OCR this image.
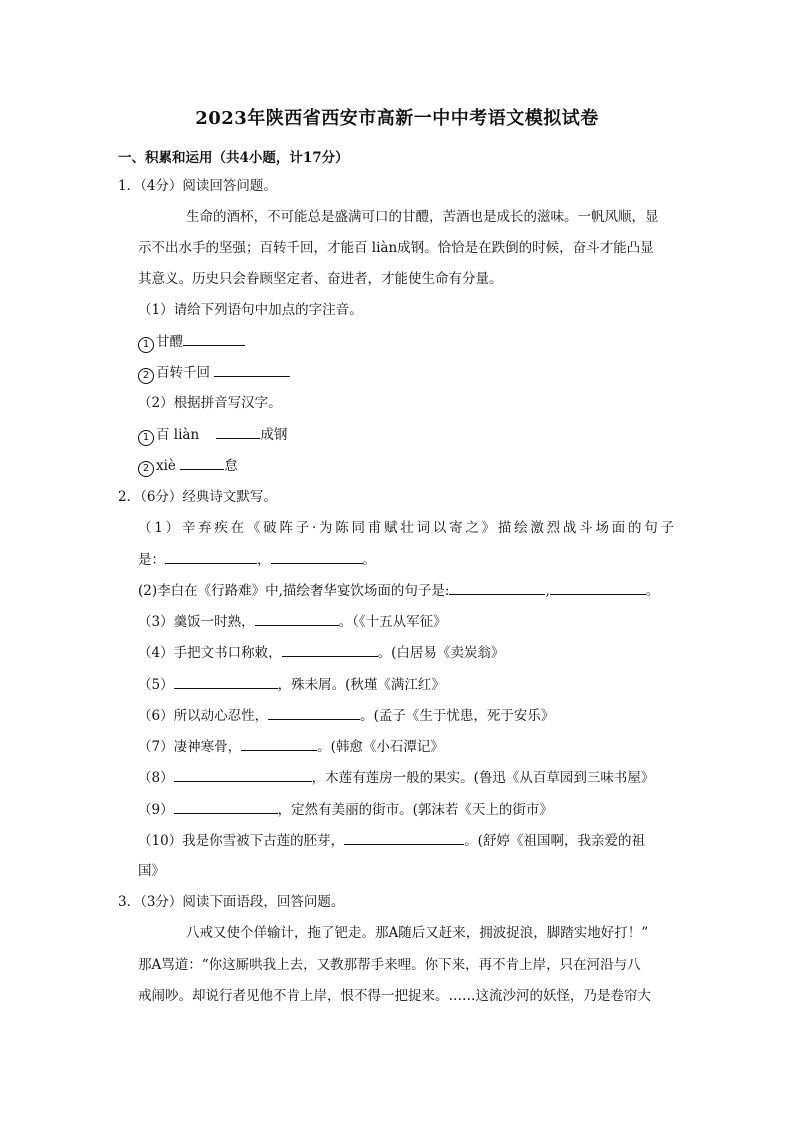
2023年陕西省西安市高新一中中考语文模拟试卷
一、积累和运用（共4小题，计17分）
1．（4分）阅读回答问题。
生命的酒杯，不可能总是盛满可口的甘醴，苦酒也是成长的滋味。一帆风顺，显
示不出水手的坚强；百转千回，才能百 liàn成钢。恰恰是在跌倒的时候，奋斗才能凸显
其意义。历史只会眷顾坚定者、奋进者，才能使生命有分量。
（1）请给下列语句中加点的字注音。
1 甘醴
2 百转千回
（2）根据拼音写汉字。
1 百 liàn	成钢
2 xiè	怠
2．（6分）经典诗文默写。
（1）辛弃疾在《破阵子·为陈同甫赋壮词以寄之》描绘激烈战斗场面的句子
是：	，	。
(2)李白在《行路难》中,描绘奢华宴饮场面的句子是:	,	。
（3）羹饭一时熟，	。（《十五从军征》
（4）手把文书口称敕，	。(白居易《卖炭翁》
（5）	，殊未屑。(秋瑾《满江红》
（6）所以动心忍性，	。(孟子《生于忧患，死于安乐》
（7）凄神寒骨，	。(韩愈《小石潭记》
（8）	，木莲有莲房一般的果实。(鲁迅《从百草园到三味书屋》
（9）	，定然有美丽的街市。(郭沫若《天上的街市》
（10）我是你雪被下古莲的胚芽，	。(舒婷《祖国啊，我亲爱的祖
国》
3．（3分）阅读下面语段，回答问题。
八戒又使个佯输计，拖了钯走。那A随后又赶来，拥波捉浪，脚踏实地好打！”
那A骂道：“你这厮哄我上去，又教那帮手来哩。你下来，再不肯上岸，只在河沿与八
戒闹吵。却说行者见他不肯上岸，恨不得一把捉来。……这流沙河的妖怪，乃是卷帘大
